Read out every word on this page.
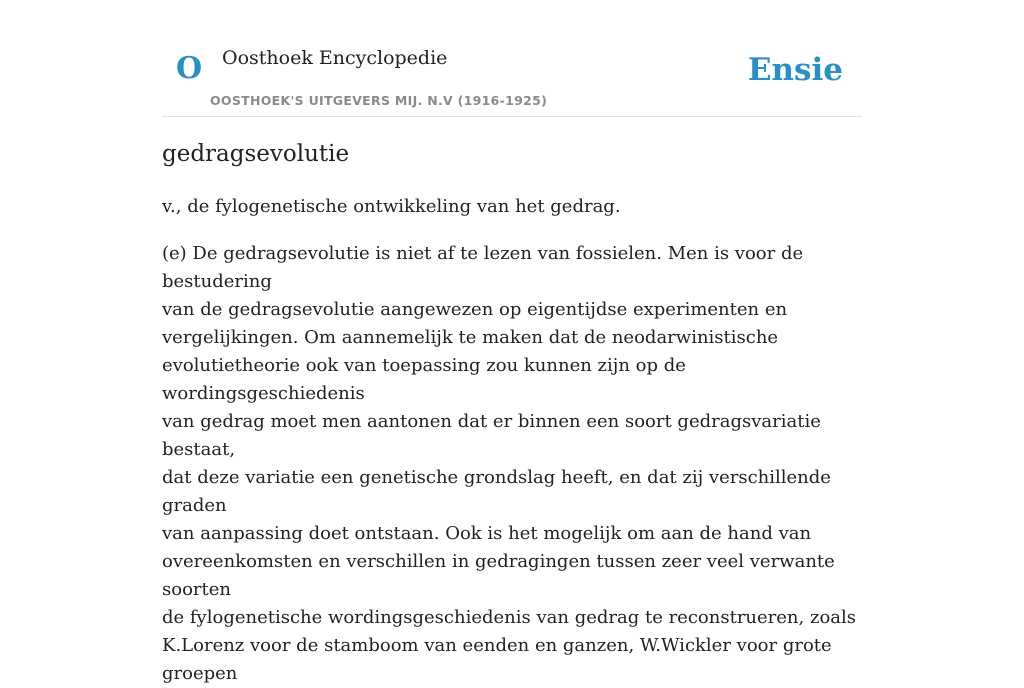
O Oosthoek Encyclopedie
OOSTHOEK'S UITGEVERS MIJ. N.V (1916-1925)
Ensie
gedragsevolutie

v., de fylogenetische ontwikkeling van het gedrag.

(e) De gedragsevolutie is niet af te lezen van fossielen. Men is voor de bestudering
van de gedragsevolutie aangewezen op eigentijdse experimenten en
vergelijkingen. Om aannemelijk te maken dat de neodarwinistische
evolutietheorie ook van toepassing zou kunnen zijn op de wordingsgeschiedenis
van gedrag moet men aantonen dat er binnen een soort gedragsvariatie bestaat,
dat deze variatie een genetische grondslag heeft, en dat zij verschillende graden
van aanpassing doet ontstaan. Ook is het mogelijk om aan de hand van
overeenkomsten en verschillen in gedragingen tussen zeer veel verwante soorten
de fylogenetische wordingsgeschiedenis van gedrag te reconstrueren, zoals
K.Lorenz voor de stamboom van eenden en ganzen, W.Wickler voor grote groepen
